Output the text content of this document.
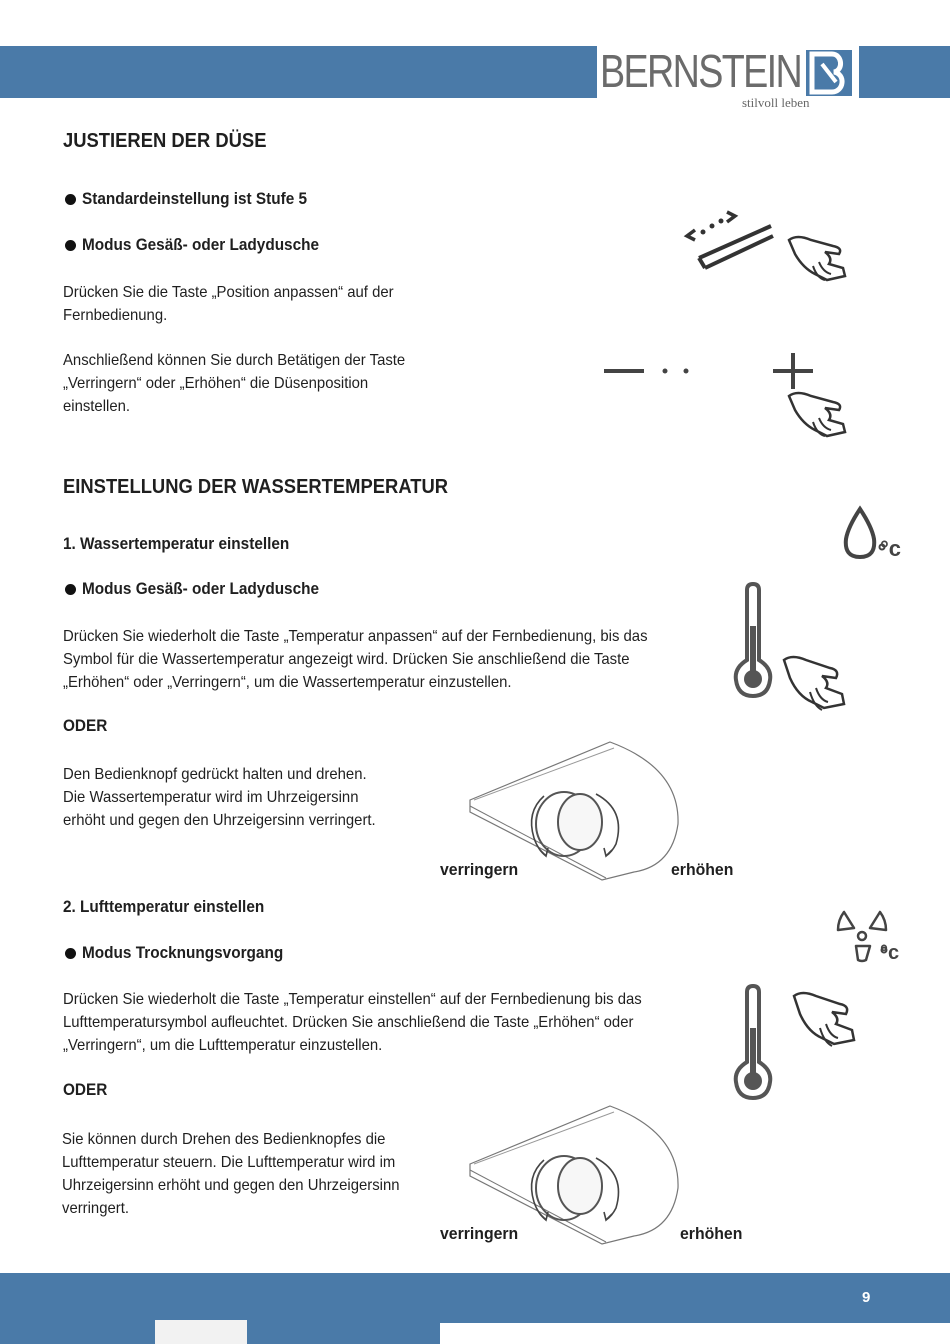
BERNSTEIN
stilvoll leben
JUSTIEREN DER DÜSE
Standardeinstellung ist Stufe 5
Modus Gesäß- oder Ladydusche
Drücken Sie die Taste „Position anpassen“ auf der
Fernbedienung.
Anschließend können Sie durch Betätigen der Taste
„Verringern“ oder „Erhöhen“ die Düsenposition
einstellen.
EINSTELLUNG DER WASSERTEMPERATUR
1. Wassertemperatur einstellen	°c
Modus Gesäß- oder Ladydusche
Drücken Sie wiederholt die Taste „Temperatur anpassen“ auf der Fernbedienung, bis das
Symbol für die Wassertemperatur angezeigt wird. Drücken Sie anschließend die Taste
„Erhöhen“ oder „Verringern“, um die Wassertemperatur einzustellen.
ODER
Den Bedienknopf gedrückt halten und drehen.
Die Wassertemperatur wird im Uhrzeigersinn
erhöht und gegen den Uhrzeigersinn verringert.
verringern	erhöhen
2. Lufttemperatur einstellen
°c
Modus Trocknungsvorgang
Drücken Sie wiederholt die Taste „Temperatur einstellen“ auf der Fernbedienung bis das
Lufttemperatursymbol aufleuchtet. Drücken Sie anschließend die Taste „Erhöhen“ oder
„Verringern“, um die Lufttemperatur einzustellen.
ODER
Sie können durch Drehen des Bedienknopfes die
Lufttemperatur steuern. Die Lufttemperatur wird im
Uhrzeigersinn erhöht und gegen den Uhrzeigersinn
verringert.
verringern	erhöhen
9
